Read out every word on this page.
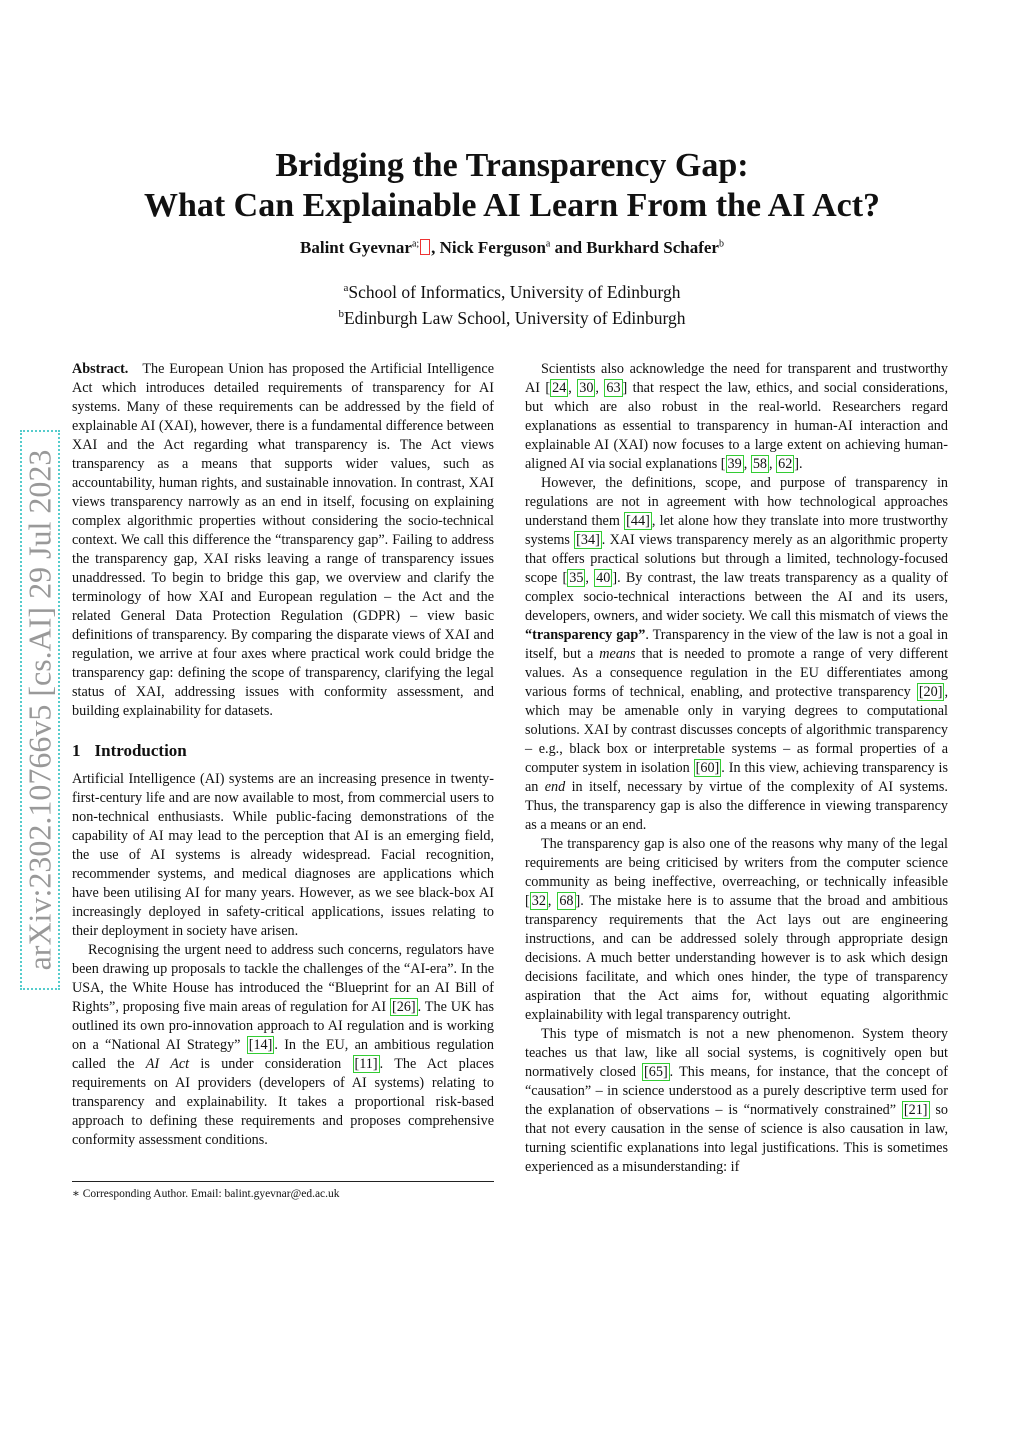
arXiv:2302.10766v5 [cs.AI] 29 Jul 2023
Bridging the Transparency Gap:
What Can Explainable AI Learn From the AI Act?
Balint Gyevnar$^{a;}$ , Nick Ferguson$^a$ and Burkhard Schafer$^b$
$^a$School of Informatics, University of Edinburgh
$^b$Edinburgh Law School, University of Edinburgh

Abstract. The European Union has proposed the Artificial Intelligence Act which introduces detailed requirements of transparency for AI systems. Many of these requirements can be addressed by the field of explainable AI (XAI), however, there is a fundamental difference between XAI and the Act regarding what transparency is. The Act views transparency as a means that supports wider values, such as accountability, human rights, and sustainable innovation. In contrast, XAI views transparency narrowly as an end in itself, focusing on explaining complex algorithmic properties without considering the socio-technical context. We call this difference the “transparency gap”. Failing to address the transparency gap, XAI risks leaving a range of transparency issues unaddressed. To begin to bridge this gap, we overview and clarify the terminology of how XAI and European regulation – the Act and the related General Data Protection Regulation (GDPR) – view basic definitions of transparency. By comparing the disparate views of XAI and regulation, we arrive at four axes where practical work could bridge the transparency gap: defining the scope of transparency, clarifying the legal status of XAI, addressing issues with conformity assessment, and building explainability for datasets.

1 Introduction

Artificial Intelligence (AI) systems are an increasing presence in twenty-first-century life and are now available to most, from commercial users to non-technical enthusiasts. While public-facing demonstrations of the capability of AI may lead to the perception that AI is an emerging field, the use of AI systems is already widespread. Facial recognition, recommender systems, and medical diagnoses are applications which have been utilising AI for many years. However, as we see black-box AI increasingly deployed in safety-critical applications, issues relating to their deployment in society have arisen.

Recognising the urgent need to address such concerns, regulators have been drawing up proposals to tackle the challenges of the “AI-era”. In the USA, the White House has introduced the “Blueprint for an AI Bill of Rights”, proposing five main areas of regulation for AI [26] . The UK has outlined its own pro-innovation approach to AI regulation and is working on a “National AI Strategy” [14] . In the EU, an ambitious regulation called the AI Act is under consideration [11] . The Act places requirements on AI providers (developers of AI systems) relating to transparency and explainability. It takes a proportional risk-based approach to defining these requirements and proposes comprehensive conformity assessment conditions.

∗ Corresponding Author. Email: balint.gyevnar@ed.ac.uk

Scientists also acknowledge the need for transparent and trustworthy AI [ 24 , 30 , 63 ] that respect the law, ethics, and social considerations, but which are also robust in the real-world. Researchers regard explanations as essential to transparency in human-AI interaction and explainable AI (XAI) now focuses to a large extent on achieving human-aligned AI via social explanations [ 39 , 58 , 62 ].

However, the definitions, scope, and purpose of transparency in regulations are not in agreement with how technological approaches understand them [44] , let alone how they translate into more trustworthy systems [34] . XAI views transparency merely as an algorithmic property that offers practical solutions but through a limited, technology-focused scope [ 35 , 40 ]. By contrast, the law treats transparency as a quality of complex socio-technical interactions between the AI and its users, developers, owners, and wider society. We call this mismatch of views the “transparency gap”. Transparency in the view of the law is not a goal in itself, but a means that is needed to promote a range of very different values. As a consequence regulation in the EU differentiates among various forms of technical, enabling, and protective transparency [20] , which may be amenable only in varying degrees to computational solutions. XAI by contrast discusses concepts of algorithmic transparency – e.g., black box or interpretable systems – as formal properties of a computer system in isolation [60] . In this view, achieving transparency is an end in itself, necessary by virtue of the complexity of AI systems. Thus, the transparency gap is also the difference in viewing transparency as a means or an end.

The transparency gap is also one of the reasons why many of the legal requirements are being criticised by writers from the computer science community as being ineffective, overreaching, or technically infeasible [ 32 , 68 ]. The mistake here is to assume that the broad and ambitious transparency requirements that the Act lays out are engineering instructions, and can be addressed solely through appropriate design decisions. A much better understanding however is to ask which design decisions facilitate, and which ones hinder, the type of transparency aspiration that the Act aims for, without equating algorithmic explainability with legal transparency outright.

This type of mismatch is not a new phenomenon. System theory teaches us that law, like all social systems, is cognitively open but normatively closed [65] . This means, for instance, that the concept of “causation” – in science understood as a purely descriptive term used for the explanation of observations – is “normatively constrained” [21] so that not every causation in the sense of science is also causation in law, turning scientific explanations into legal justifications. This is sometimes experienced as a misunderstanding: if
